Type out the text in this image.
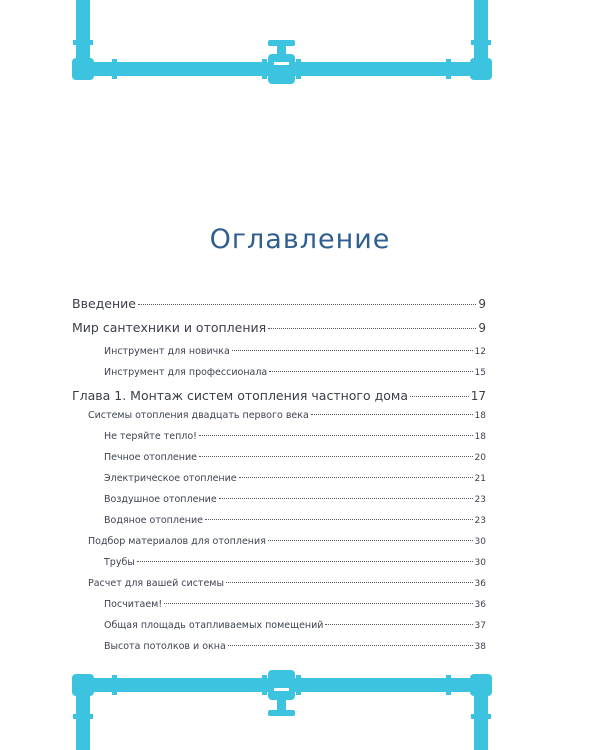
Оглавление
Введение	9
Мир сантехники и отопления	9
Инструмент для новичка	12
Инструмент для профессионала	15
Глава 1. Монтаж систем отопления частного дома	17
Системы отопления двадцать первого века	18
Не теряйте тепло!	18
Печное отопление	20
Электрическое отопление	21
Воздушное отопление	23
Водяное отопление	23
Подбор материалов для отопления	30
Трубы	30
Расчет для вашей системы	36
Посчитаем!	36
Общая площадь отапливаемых помещений	37
Высота потолков и окна	38
